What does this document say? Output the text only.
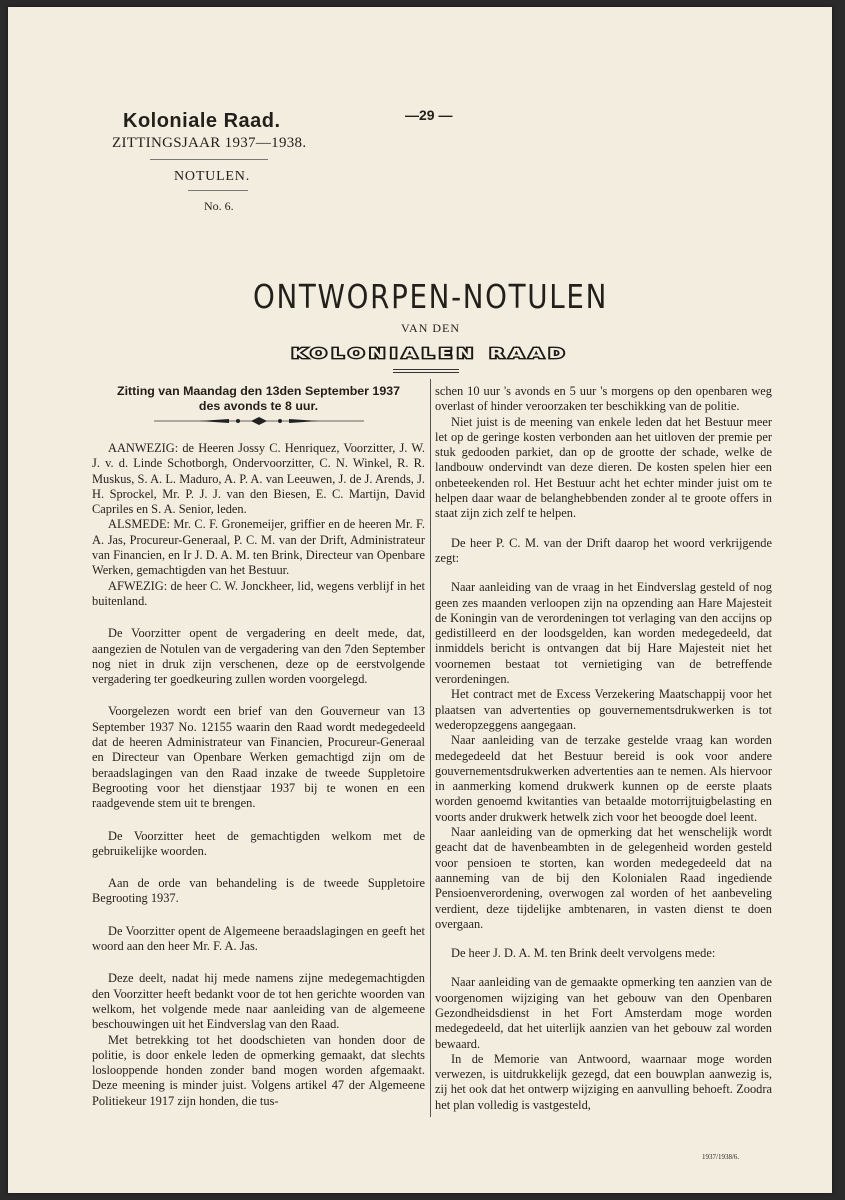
Koloniale Raad.
ZITTINGSJAAR 1937—1938.
NOTULEN.
No. 6.
—29 —
ONTWORPEN-NOTULEN
VAN DEN
KOLONIALEN RAAD
Zitting van Maandag den 13den September 1937
des avonds te 8 uur.

AANWEZIG: de Heeren Jossy C. Henriquez, Voorzitter, J. W. J. v. d. Linde Schotborgh, Ondervoorzitter, C. N. Winkel, R. R. Muskus, S. A. L. Maduro, A. P. A. van Leeuwen, J. de J. Arends, J. H. Sprockel, Mr. P. J. J. van den Biesen, E. C. Martijn, David Capriles en S. A. Senior, leden.

ALSMEDE: Mr. C. F. Gronemeijer, griffier en de heeren Mr. F. A. Jas, Procureur-Generaal, P. C. M. van der Drift, Administrateur van Financien, en Ir J. D. A. M. ten Brink, Directeur van Openbare Werken, gemachtigden van het Bestuur.

AFWEZIG: de heer C. W. Jonckheer, lid, wegens verblijf in het buitenland.

De Voorzitter opent de vergadering en deelt mede, dat, aangezien de Notulen van de vergadering van den 7den September nog niet in druk zijn verschenen, deze op de eerstvolgende vergadering ter goedkeuring zullen worden voorgelegd.

Voorgelezen wordt een brief van den Gouverneur van 13 September 1937 No. 12155 waarin den Raad wordt medegedeeld dat de heeren Administrateur van Financien, Procureur-Generaal en Directeur van Openbare Werken gemachtigd zijn om de beraadslagingen van den Raad inzake de tweede Suppletoire Begrooting voor het dienstjaar 1937 bij te wonen en een raadgevende stem uit te brengen.

De Voorzitter heet de gemachtigden welkom met de gebruikelijke woorden.

Aan de orde van behandeling is de tweede Suppletoire Begrooting 1937.

De Voorzitter opent de Algemeene beraadslagingen en geeft het woord aan den heer Mr. F. A. Jas.

Deze deelt, nadat hij mede namens zijne medegemachtigden den Voorzitter heeft bedankt voor de tot hen gerichte woorden van welkom, het volgende mede naar aanleiding van de algemeene beschouwingen uit het Eindverslag van den Raad.

Met betrekking tot het doodschieten van honden door de politie, is door enkele leden de opmerking gemaakt, dat slechts loslooppende honden zonder band mogen worden afgemaakt. Deze meening is minder juist. Volgens artikel 47 der Algemeene Politiekeur 1917 zijn honden, die tus-

schen 10 uur 's avonds en 5 uur 's morgens op den openbaren weg overlast of hinder veroorzaken ter beschikking van de politie.

Niet juist is de meening van enkele leden dat het Bestuur meer let op de geringe kosten verbonden aan het uitloven der premie per stuk gedooden parkiet, dan op de grootte der schade, welke de landbouw ondervindt van deze dieren. De kosten spelen hier een onbeteekenden rol. Het Bestuur acht het echter minder juist om te helpen daar waar de belanghebbenden zonder al te groote offers in staat zijn zich zelf te helpen.

De heer P. C. M. van der Drift daarop het woord verkrijgende zegt:

Naar aanleiding van de vraag in het Eindverslag gesteld of nog geen zes maanden verloopen zijn na opzending aan Hare Majesteit de Koningin van de verordeningen tot verlaging van den accijns op gedistilleerd en der loodsgelden, kan worden medegedeeld, dat inmiddels bericht is ontvangen dat bij Hare Majesteit niet het voornemen bestaat tot vernietiging van de betreffende verordeningen.

Het contract met de Excess Verzekering Maatschappij voor het plaatsen van advertenties op gouvernementsdrukwerken is tot wederopzeggens aangegaan.

Naar aanleiding van de terzake gestelde vraag kan worden medegedeeld dat het Bestuur bereid is ook voor andere gouvernementsdrukwerken advertenties aan te nemen. Als hiervoor in aanmerking komend drukwerk kunnen op de eerste plaats worden genoemd kwitanties van betaalde motorrijtuigbelasting en voorts ander drukwerk hetwelk zich voor het beoogde doel leent.

Naar aanleiding van de opmerking dat het wenschelijk wordt geacht dat de havenbeambten in de gelegenheid worden gesteld voor pensioen te storten, kan worden medegedeeld dat na aanneming van de bij den Kolonialen Raad ingediende Pensioenverordening, overwogen zal worden of het aanbeveling verdient, deze tijdelijke ambtenaren, in vasten dienst te doen overgaan.

De heer J. D. A. M. ten Brink deelt vervolgens mede:

Naar aanleiding van de gemaakte opmerking ten aanzien van de voorgenomen wijziging van het gebouw van den Openbaren Gezondheidsdienst in het Fort Amsterdam moge worden medegedeeld, dat het uiterlijk aanzien van het gebouw zal worden bewaard.

In de Memorie van Antwoord, waarnaar moge worden verwezen, is uitdrukkelijk gezegd, dat een bouwplan aanwezig is, zij het ook dat het ontwerp wijziging en aanvulling behoeft. Zoodra het plan volledig is vastgesteld,

1937/1938/6.
